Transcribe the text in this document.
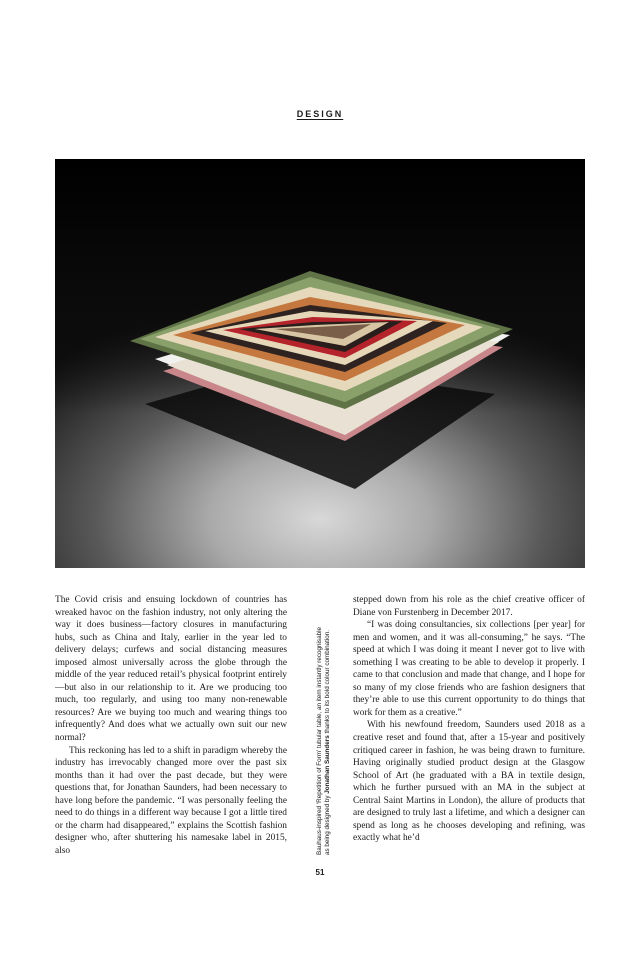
DESIGN

The Covid crisis and ensuing lockdown of countries has wreaked havoc on the fashion industry, not only altering the way it does business—factory closures in manufacturing hubs, such as China and Italy, earlier in the year led to delivery delays; curfews and social distancing measures imposed almost universally across the globe through the middle of the year reduced retail’s physical footprint entirely—but also in our relationship to it. Are we producing too much, too regularly, and using too many non-renewable resources? Are we buying too much and wearing things too infrequently? And does what we actually own suit our new normal?

This reckoning has led to a shift in paradigm whereby the industry has irrevocably changed more over the past six months than it had over the past decade, but they were questions that, for Jonathan Saunders, had been necessary to have long before the pandemic. “I was personally feeling the need to do things in a different way because I got a little tired or the charm had disappeared,” explains the Scottish fashion designer who, after shuttering his namesake label in 2015, also	Bauhaus-inspired ‘Repetition of Form’ tubular table, an item instantly recognisable
as being designed by Jonathan Saunders thanks to its bold colour combination.

stepped down from his role as the chief creative officer of Diane von Furstenberg in December 2017.

“I was doing consultancies, six collections [per year] for men and women, and it was all-consuming,” he says. “The speed at which I was doing it meant I never got to live with something I was creating to be able to develop it properly. I came to that conclusion and made that change, and I hope for so many of my close friends who are fashion designers that they’re able to use this current opportunity to do things that work for them as a creative.”

With his newfound freedom, Saunders used 2018 as a creative reset and found that, after a 15-year and positively critiqued career in fashion, he was being drawn to furniture. Having originally studied product design at the Glasgow School of Art (he graduated with a BA in textile design, which he further pursued with an MA in the subject at Central Saint Martins in London), the allure of products that are designed to truly last a lifetime, and which a designer can spend as long as he chooses developing and refining, was exactly what he’d

51
